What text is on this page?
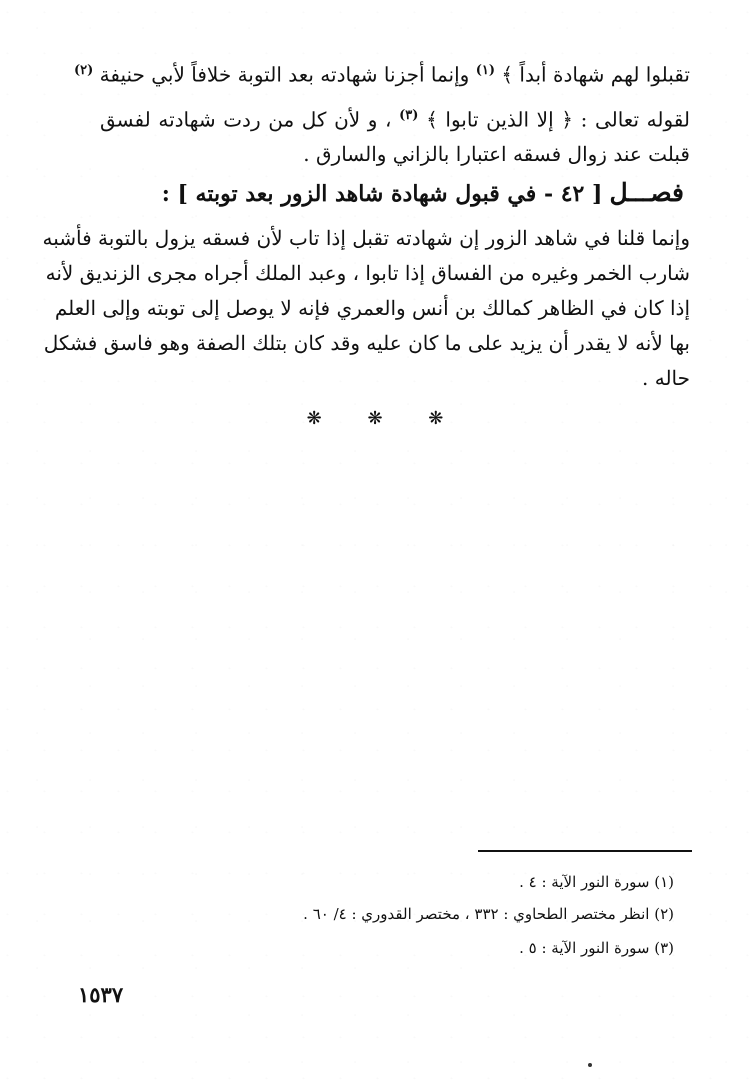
تقبلوا لهم شهادة أبداً ﴾ $^{(١)}$ وإنما أجزنا شهادته بعد التوبة خلافاً لأبي حنيفة $^{(٢)}$
لقوله تعالى : ﴿ إلا الذين تابوا ﴾ $^{(٣)}$ ، و لأن كل من ردت شهادته لفسق
قبلت عند زوال فسقه اعتبارا بالزاني والسارق .
فصـــل [ ٤٢ - في قبول شهادة شاهد الزور بعد توبته ] :
وإنما قلنا في شاهد الزور إن شهادته تقبل إذا تاب لأن فسقه يزول بالتوبة فأشبه
شارب الخمر وغيره من الفساق إذا تابوا ، وعبد الملك أجراه مجرى الزنديق لأنه
إذا كان في الظاهر كمالك بن أنس والعمري فإنه لا يوصل إلى توبته وإلى العلم
بها لأنه لا يقدر أن يزيد على ما كان عليه وقد كان بتلك الصفة وهو فاسق فشكل
حاله .
❋	❋	❋
(١) سورة النور الآية : ٤ .
(٢) انظر مختصر الطحاوي : ٣٣٢ ، مختصر القدوري : ٤/ ٦٠ .
(٣) سورة النور الآية : ٥ .
١٥٣٧
